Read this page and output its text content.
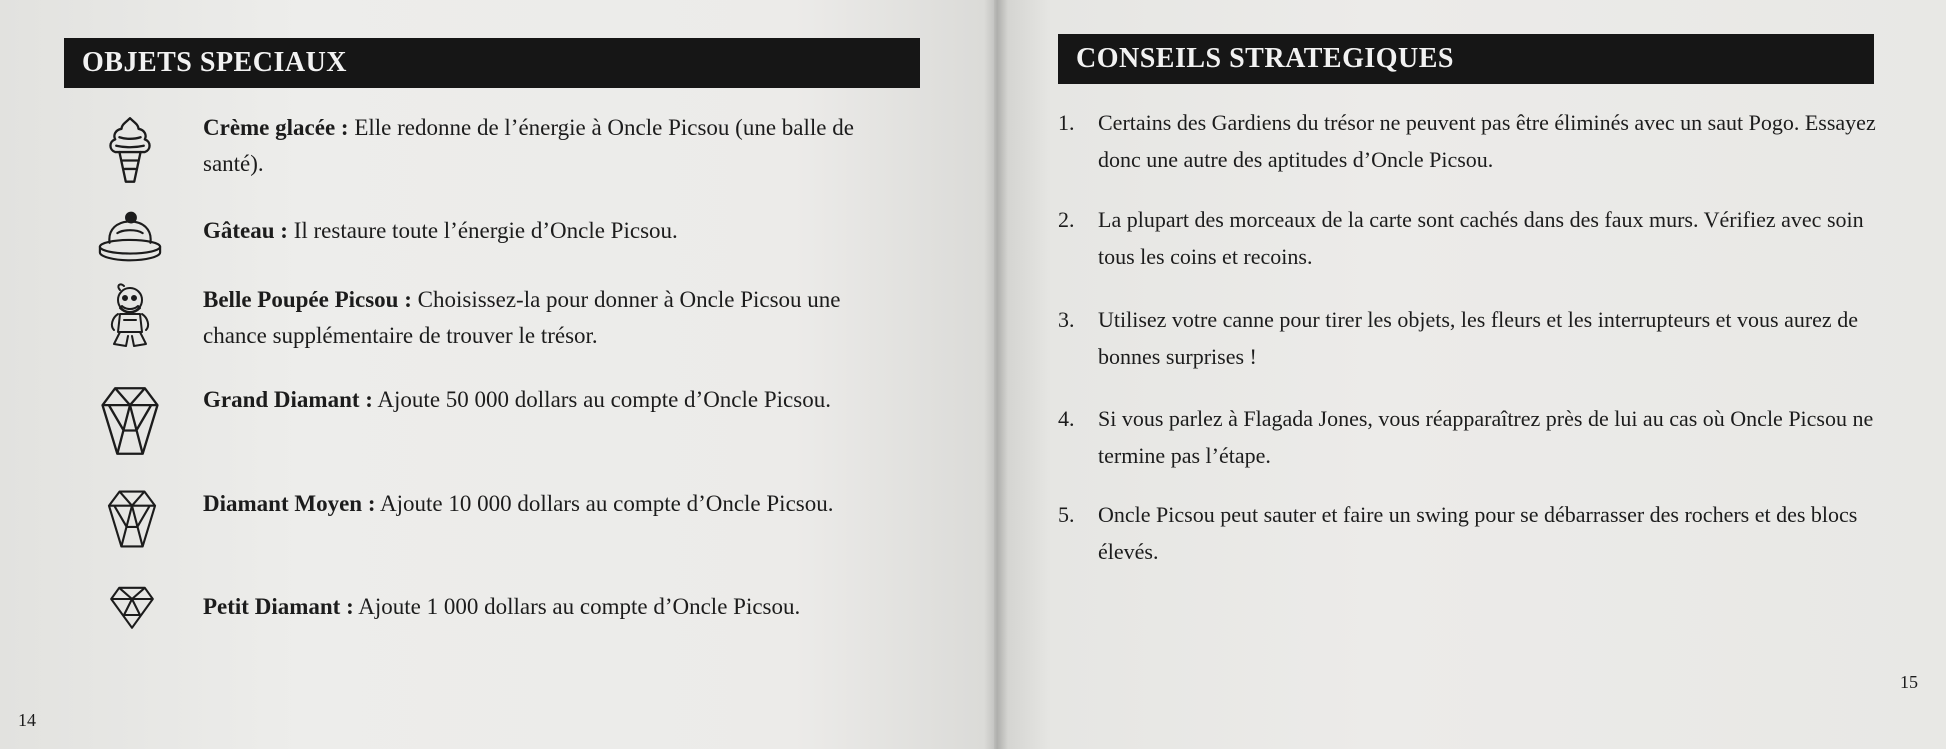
OBJETS SPECIAUX
Crème glacée : Elle redonne de l’énergie à Oncle Picsou (une balle de santé).
Gâteau : Il restaure toute l’énergie d’Oncle Picsou.
Belle Poupée Picsou : Choisissez-la pour donner à Oncle Picsou une chance supplémentaire de trouver le trésor.
Grand Diamant : Ajoute 50 000 dollars au compte d’Oncle Picsou.
Diamant Moyen : Ajoute 10 000 dollars au compte d’Oncle Picsou.
Petit Diamant : Ajoute 1 000 dollars au compte d’Oncle Picsou.
14
CONSEILS STRATEGIQUES
1.	Certains des Gardiens du trésor ne peuvent pas être éliminés avec un saut Pogo. Essayez donc une autre des aptitudes d’Oncle Picsou.
2.	La plupart des morceaux de la carte sont cachés dans des faux murs. Vérifiez avec soin tous les coins et recoins.
3.	Utilisez votre canne pour tirer les objets, les fleurs et les interrupteurs et vous aurez de bonnes surprises !
4.	Si vous parlez à Flagada Jones, vous réapparaîtrez près de lui au cas où Oncle Picsou ne termine pas l’étape.
5.	Oncle Picsou peut sauter et faire un swing pour se débarrasser des rochers et des blocs élevés.
15
